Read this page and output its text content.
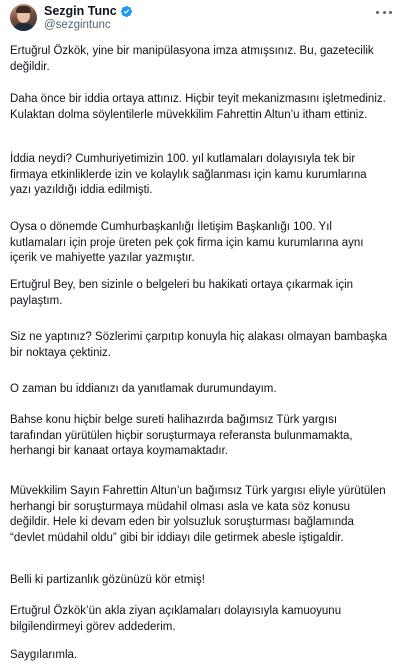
Sezgin Tunc
@sezgintunc

Ertuğrul Özkök, yine bir manipülasyona imza atmışsınız. Bu, gazetecilik değildir.

Daha önce bir iddia ortaya attınız. Hiçbir teyit mekanizmasını işletmediniz. Kulaktan dolma söylentilerle müvekkilim Fahrettin Altun’u itham ettiniz.

İddia neydi? Cumhuriyetimizin 100. yıl kutlamaları dolayısıyla tek bir firmaya etkinliklerde izin ve kolaylık sağlanması için kamu kurumlarına yazı yazıldığı iddia edilmişti.

Oysa o dönemde Cumhurbaşkanlığı İletişim Başkanlığı 100. Yıl kutlamaları için proje üreten pek çok firma için kamu kurumlarına aynı içerik ve mahiyette yazılar yazmıştır.

Ertuğrul Bey, ben sizinle o belgeleri bu hakikati ortaya çıkarmak için paylaştım.

Siz ne yaptınız? Sözlerimi çarpıtıp konuyla hiç alakası olmayan bambaşka bir noktaya çektiniz.

O zaman bu iddianızı da yanıtlamak durumundayım.

Bahse konu hiçbir belge sureti halihazırda bağımsız Türk yargısı tarafından yürütülen hiçbir soruşturmaya referansta bulunmamakta, herhangi bir kanaat ortaya koymamaktadır.

Müvekkilim Sayın Fahrettin Altun’un bağımsız Türk yargısı eliyle yürütülen herhangi bir soruşturmaya müdahil olması asla ve kata söz konusu değildir. Hele ki devam eden bir yolsuzluk soruşturması bağlamında “devlet müdahil oldu” gibi bir iddiayı dile getirmek abesle iştigaldir.

Belli ki partizanlık gözünüzü kör etmiş!

Ertuğrul Özkök’ün akla ziyan açıklamaları dolayısıyla kamuoyunu bilgilendirmeyi görev addederim.

Saygılarımla.
